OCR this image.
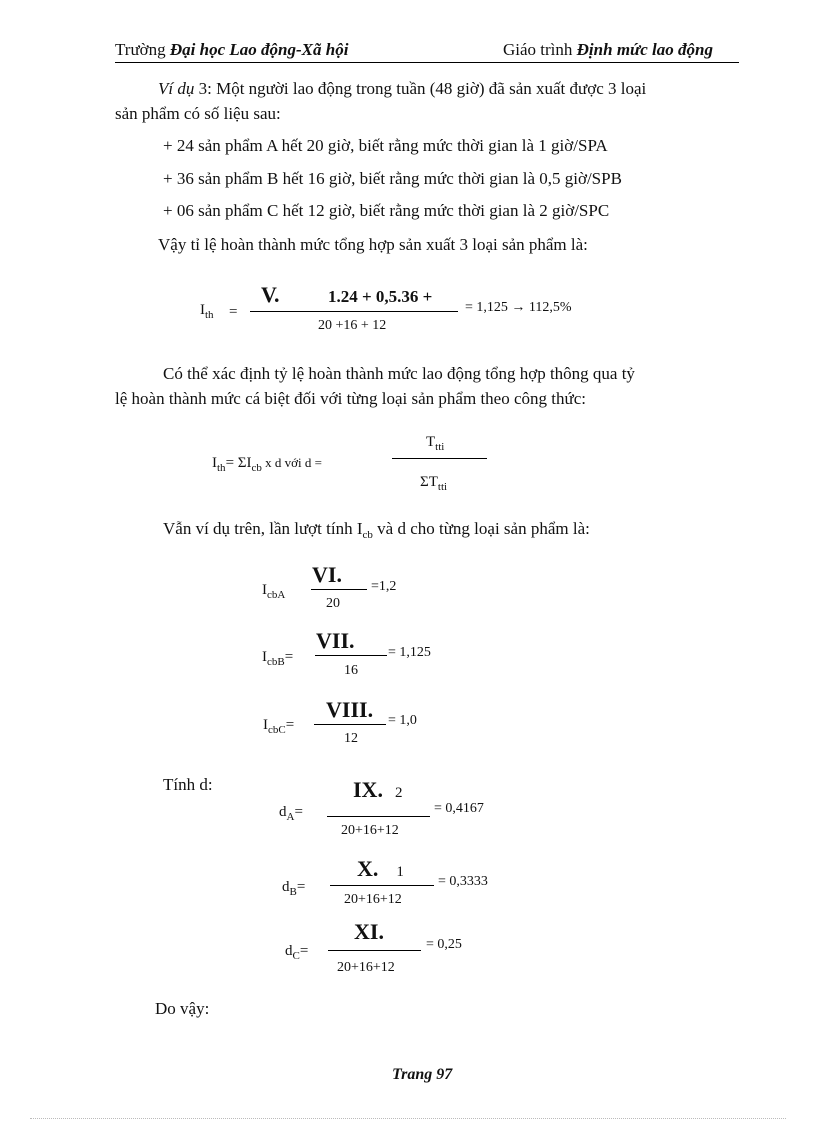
Trường Đại học Lao động-Xã hội	Giáo trình Định mức lao động
Ví dụ 3: Một người lao động trong tuần (48 giờ) đã sản xuất được 3 loại
sản phẩm có số liệu sau:
+ 24 sản phẩm A hết 20 giờ, biết rằng mức thời gian là 1 giờ/SPA
+ 36 sản phẩm B hết 16 giờ, biết rằng mức thời gian là 0,5 giờ/SPB
+ 06 sản phẩm C hết 12 giờ, biết rằng mức thời gian là 2 giờ/SPC
Vậy tỉ lệ hoàn thành mức tổng hợp sản xuất 3 loại sản phẩm là:
$I_{th}$ =
V.	1.24 + 0,5.36 +
20 +16 + 12
= 1,125 → 112,5%
Có thể xác định tỷ lệ hoàn thành mức lao động tổng hợp thông qua tỷ
lệ hoàn thành mức cá biệt đối với từng loại sản phẩm theo công thức:
$I_{th}= \Sigma I_{cb}$ x d với d =
$T_{tti}$
$\Sigma T_{tti}$
Vẫn ví dụ trên, lần lượt tính $I_{cb}$ và d cho từng loại sản phẩm là:
$I_{cbA}$
VI.
20
=1,2
$I_{cbB}=$
VII.
16
= 1,125
$I_{cbC}=$
VIII.
12
= 1,0
Tính d:
$d_A=$
IX. 2
20+16+12
= 0,4167
$d_B=$
X. 1
20+16+12
= 0,3333
$d_C=$
XI.
20+16+12
= 0,25
Do vậy:
Trang 97
